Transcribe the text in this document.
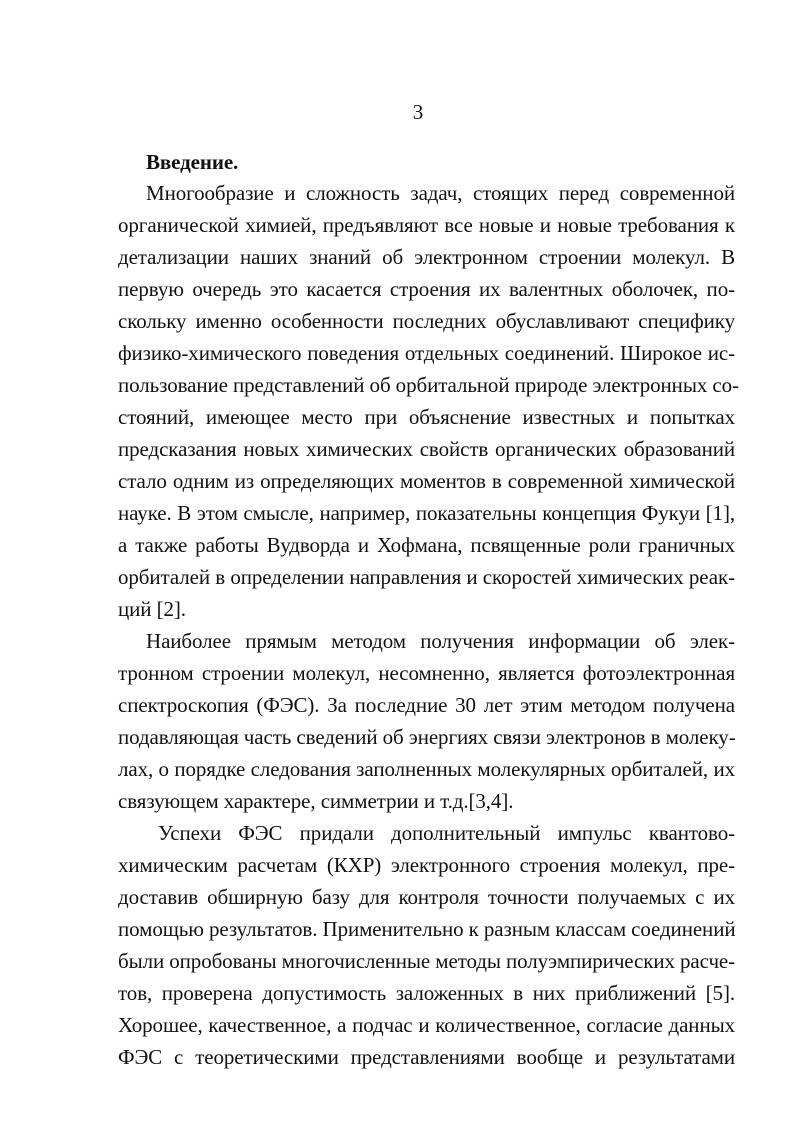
3
Введение.
Многообразие и сложность задач, стоящих перед современной
органической химией, предъявляют все новые и новые требования к
детализации наших знаний об электронном строении молекул. В
первую очередь это касается строения их валентных оболочек, по-
скольку именно особенности последних обуславливают специфику
физико-химического поведения отдельных соединений. Широкое ис-
пользование представлений об орбитальной природе электронных со-
стояний, имеющее место при объяснение известных и попытках
предсказания новых химических свойств органических образований
стало одним из определяющих моментов в современной химической
науке. В этом смысле, например, показательны концепция Фукуи [1],
а также работы Вудворда и Хофмана, псвященные роли граничных
орбиталей в определении направления и скоростей химических реак-
ций [2].
Наиболее прямым методом получения информации об элек-
тронном строении молекул, несомненно, является фотоэлектронная
спектроскопия (ФЭС). За последние 30 лет этим методом получена
подавляющая часть сведений об энергиях связи электронов в молеку-
лах, о порядке следования заполненных молекулярных орбиталей, их
связующем характере, симметрии и т.д.[3,4].
Успехи ФЭС придали дополнительный импульс квантово-
химическим расчетам (КХР) электронного строения молекул, пре-
доставив обширную базу для контроля точности получаемых с их
помощью результатов. Применительно к разным классам соединений
были опробованы многочисленные методы полуэмпирических расче-
тов, проверена допустимость заложенных в них приближений [5].
Хорошее, качественное, а подчас и количественное, согласие данных
ФЭС с теоретическими представлениями вообще и результатами
